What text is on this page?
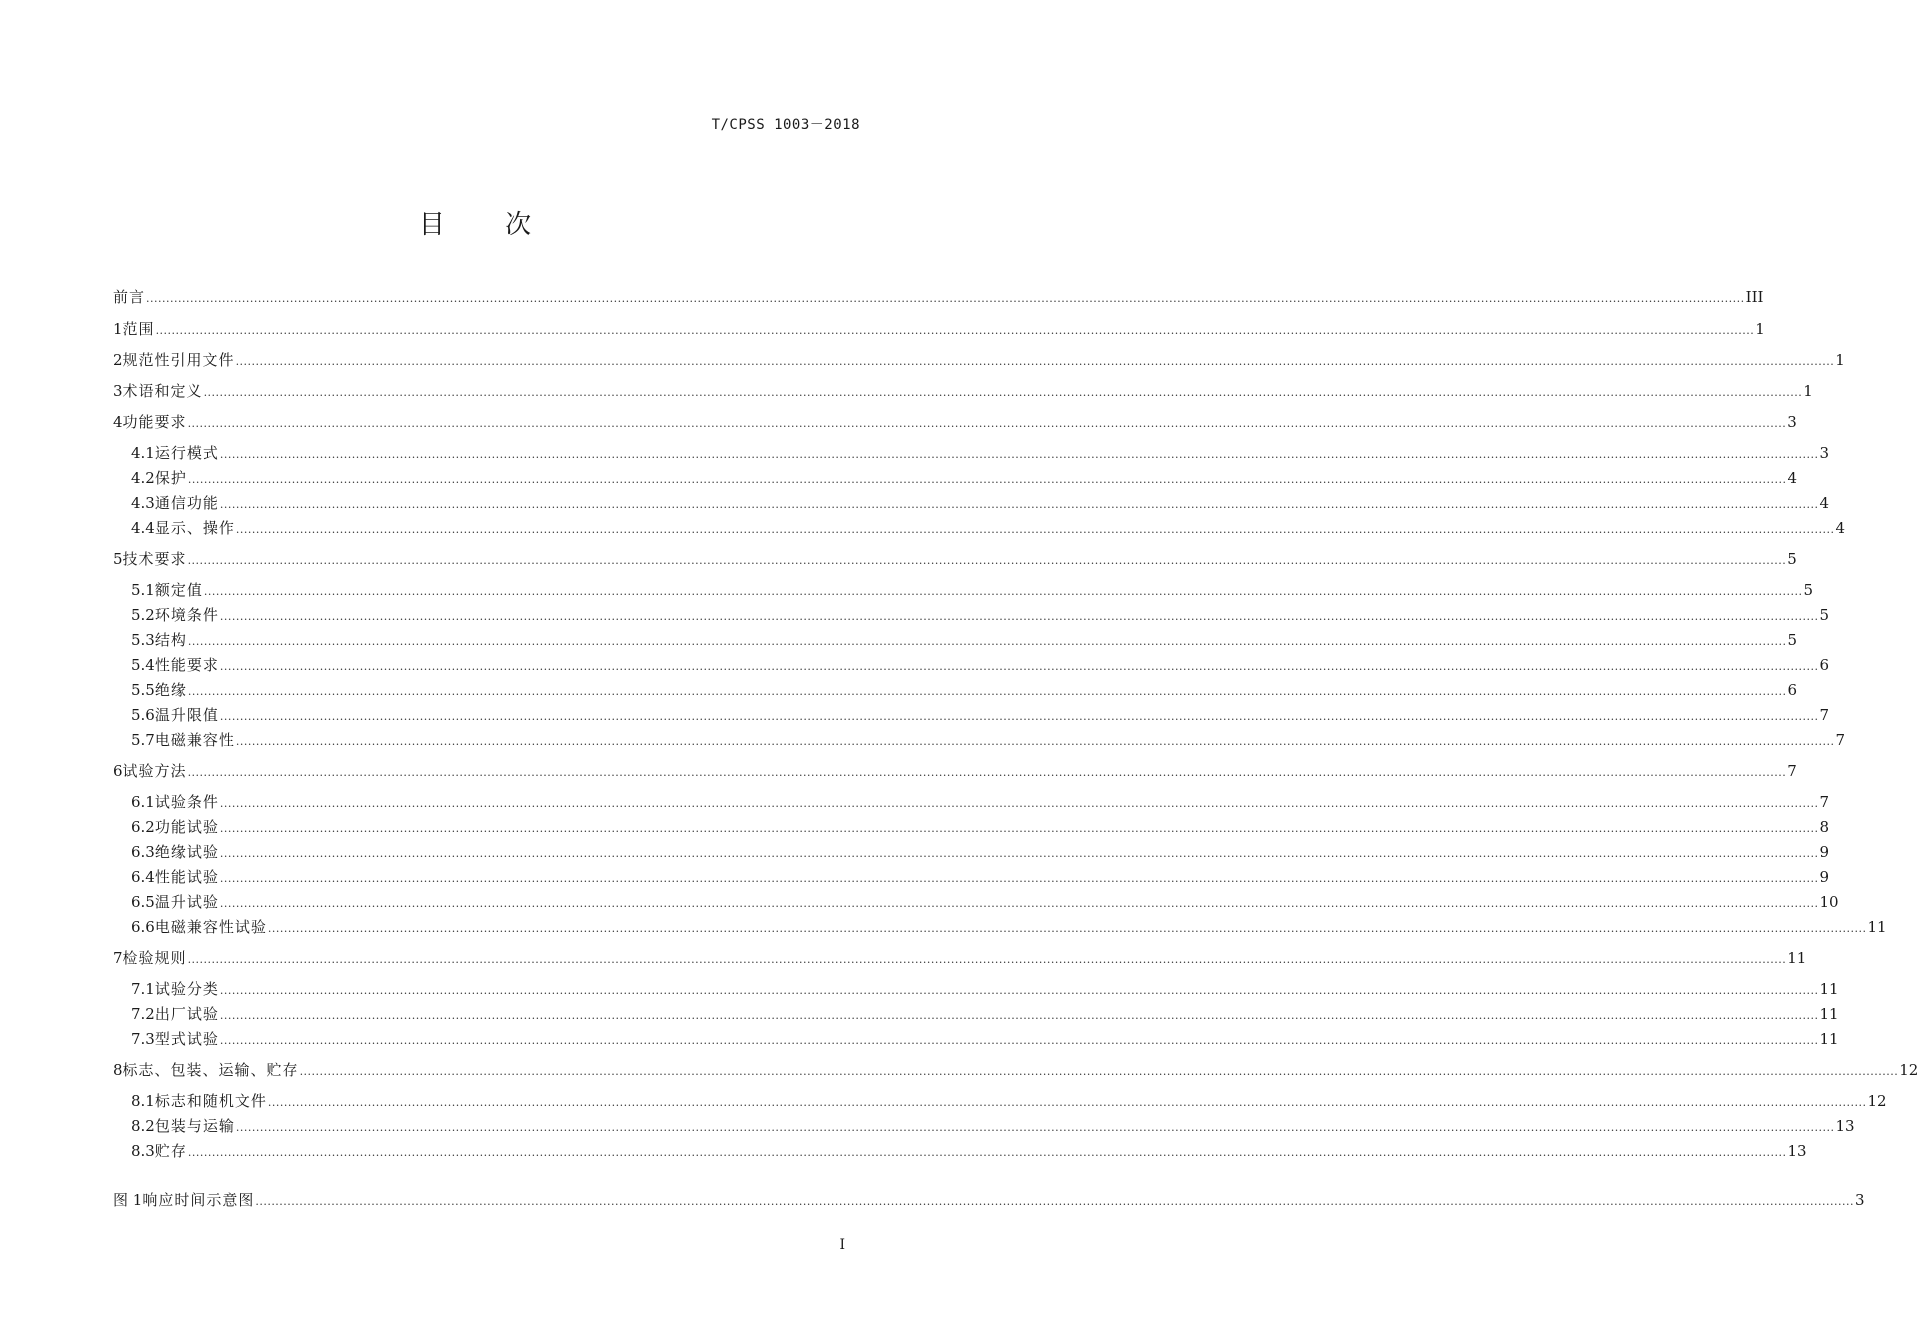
T/CPSS 1003－2018
目 次
前言 ................................................................................................................................................................................................................................................................................................................................................................................................................ III
1 范围 ................................................................................................................................................................................................................................................................................................................................................................................................................ 1
2 规范性引用文件 ................................................................................................................................................................................................................................................................................................................................................................................................................ 1
3 术语和定义 ................................................................................................................................................................................................................................................................................................................................................................................................................ 1
4 功能要求 ................................................................................................................................................................................................................................................................................................................................................................................................................ 3
4.1 运行模式 ................................................................................................................................................................................................................................................................................................................................................................................................................ 3
4.2 保护 ................................................................................................................................................................................................................................................................................................................................................................................................................ 4
4.3 通信功能 ................................................................................................................................................................................................................................................................................................................................................................................................................ 4
4.4 显示、操作 ................................................................................................................................................................................................................................................................................................................................................................................................................ 4
5 技术要求 ................................................................................................................................................................................................................................................................................................................................................................................................................ 5
5.1 额定值 ................................................................................................................................................................................................................................................................................................................................................................................................................ 5
5.2 环境条件 ................................................................................................................................................................................................................................................................................................................................................................................................................ 5
5.3 结构 ................................................................................................................................................................................................................................................................................................................................................................................................................ 5
5.4 性能要求 ................................................................................................................................................................................................................................................................................................................................................................................................................ 6
5.5 绝缘 ................................................................................................................................................................................................................................................................................................................................................................................................................ 6
5.6 温升限值 ................................................................................................................................................................................................................................................................................................................................................................................................................ 7
5.7 电磁兼容性 ................................................................................................................................................................................................................................................................................................................................................................................................................ 7
6 试验方法 ................................................................................................................................................................................................................................................................................................................................................................................................................ 7
6.1 试验条件 ................................................................................................................................................................................................................................................................................................................................................................................................................ 7
6.2 功能试验 ................................................................................................................................................................................................................................................................................................................................................................................................................ 8
6.3 绝缘试验 ................................................................................................................................................................................................................................................................................................................................................................................................................ 9
6.4 性能试验 ................................................................................................................................................................................................................................................................................................................................................................................................................ 9
6.5 温升试验 ................................................................................................................................................................................................................................................................................................................................................................................................................ 10
6.6 电磁兼容性试验 ................................................................................................................................................................................................................................................................................................................................................................................................................ 11
7 检验规则 ................................................................................................................................................................................................................................................................................................................................................................................................................ 11
7.1 试验分类 ................................................................................................................................................................................................................................................................................................................................................................................................................ 11
7.2 出厂试验 ................................................................................................................................................................................................................................................................................................................................................................................................................ 11
7.3 型式试验 ................................................................................................................................................................................................................................................................................................................................................................................................................ 11
8 标志、包装、运输、贮存 ................................................................................................................................................................................................................................................................................................................................................................................................................ 12
8.1 标志和随机文件 ................................................................................................................................................................................................................................................................................................................................................................................................................ 12
8.2 包装与运输 ................................................................................................................................................................................................................................................................................................................................................................................................................ 13
8.3 贮存 ................................................................................................................................................................................................................................................................................................................................................................................................................ 13
图 1 响应时间示意图 ................................................................................................................................................................................................................................................................................................................................................................................................................ 3
I
